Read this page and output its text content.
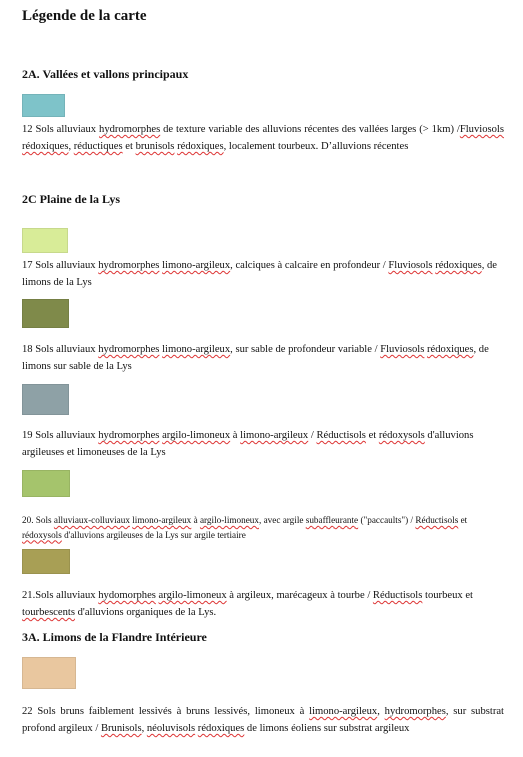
Légende de la carte
2A. Vallées et vallons principaux

12 Sols alluviaux hydromorphes de texture variable des alluvions récentes des vallées larges (> 1km) /Fluviosols rédoxiques, réductiques et brunisols rédoxiques, localement tourbeux. D’alluvions récentes

2C Plaine de la Lys

17 Sols alluviaux hydromorphes limono-argileux, calciques à calcaire en profondeur / Fluviosols rédoxiques, de limons de la Lys

18 Sols alluviaux hydromorphes limono-argileux, sur sable de profondeur variable / Fluviosols rédoxiques, de limons sur sable de la Lys

19 Sols alluviaux hydromorphes argilo-limoneux à limono-argileux / Réductisols et rédoxysols d'alluvions argileuses et limoneuses de la Lys

20. Sols alluviaux-colluviaux limono-argileux à argilo-limoneux, avec argile subaffleurante ("paccaults") / Réductisols et rédoxysols d'alluvions argileuses de la Lys sur argile tertiaire

21.Sols alluviaux hydomorphes argilo-limoneux à argileux, marécageux à tourbe / Réductisols tourbeux et tourbescents d'alluvions organiques de la Lys.

3A. Limons de la Flandre Intérieure

22 Sols bruns faiblement lessivés à bruns lessivés, limoneux à limono-argileux, hydromorphes, sur substrat profond argileux / Brunisols, néoluvisols rédoxiques de limons éoliens sur substrat argileux
